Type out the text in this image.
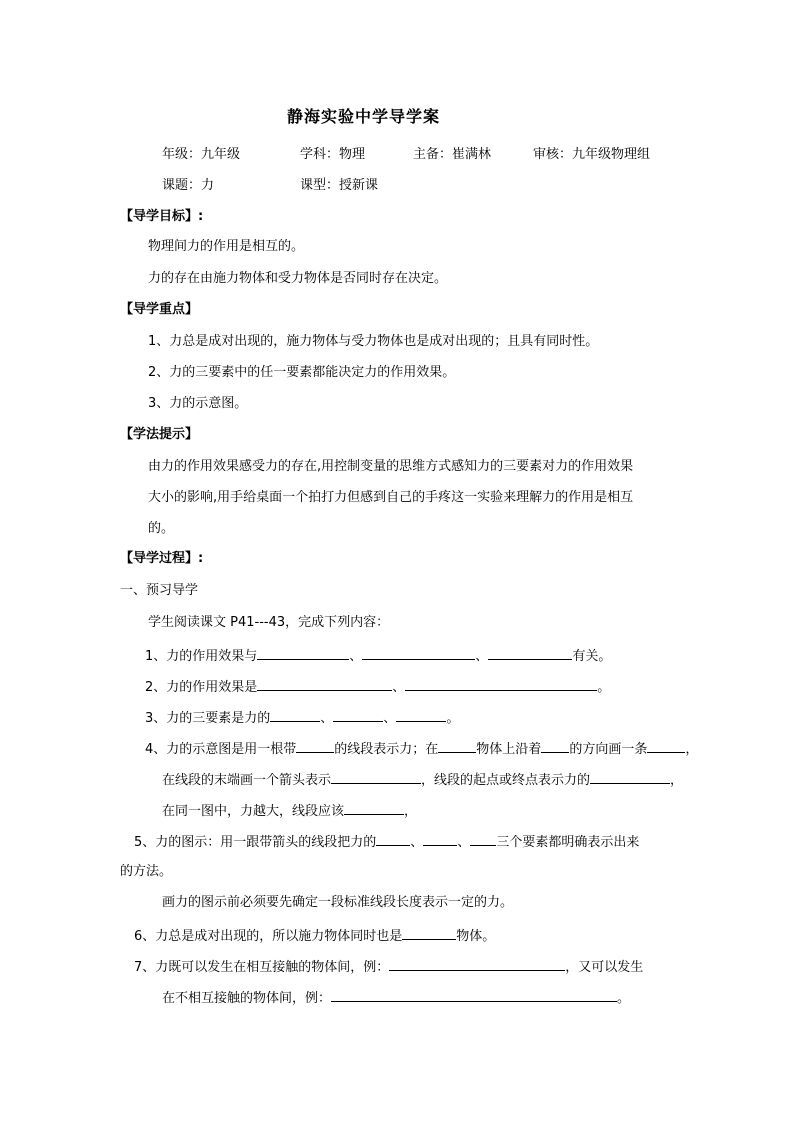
静海实验中学导学案
年级：九年级	学科：物理	主备：崔满林	审核：九年级物理组
课题：力	课型：授新课
【导学目标】:
物理间力的作用是相互的。
力的存在由施力物体和受力物体是否同时存在决定。
【导学重点】
1、力总是成对出现的，施力物体与受力物体也是成对出现的；且具有同时性。
2、力的三要素中的任一要素都能决定力的作用效果。
3、力的示意图。
【学法提示】
由力的作用效果感受力的存在,用控制变量的思维方式感知力的三要素对力的作用效果
大小的影响,用手给桌面一个拍打力但感到自己的手疼这一实验来理解力的作用是相互
的。
【导学过程】:
一、预习导学
学生阅读课文 P41---43，完成下列内容：
1、力的作用效果与	、	、	有关。
2、力的作用效果是	、	。
3、力的三要素是力的	、	、	。
4、力的示意图是用一根带	的线段表示力；在	物体上沿着 的方向画一条	，
在线段的末端画一个箭头表示	，线段的起点或终点表示力的	，
在同一图中，力越大，线段应该	，
5、力的图示：用一跟带箭头的线段把力的	、	、 三个要素都明确表示出来
的方法。
画力的图示前必须要先确定一段标准线段长度表示一定的力。
6、力总是成对出现的，所以施力物体同时也是	物体。
7、力既可以发生在相互接触的物体间，例：	，又可以发生
在不相互接触的物体间，例：	。
